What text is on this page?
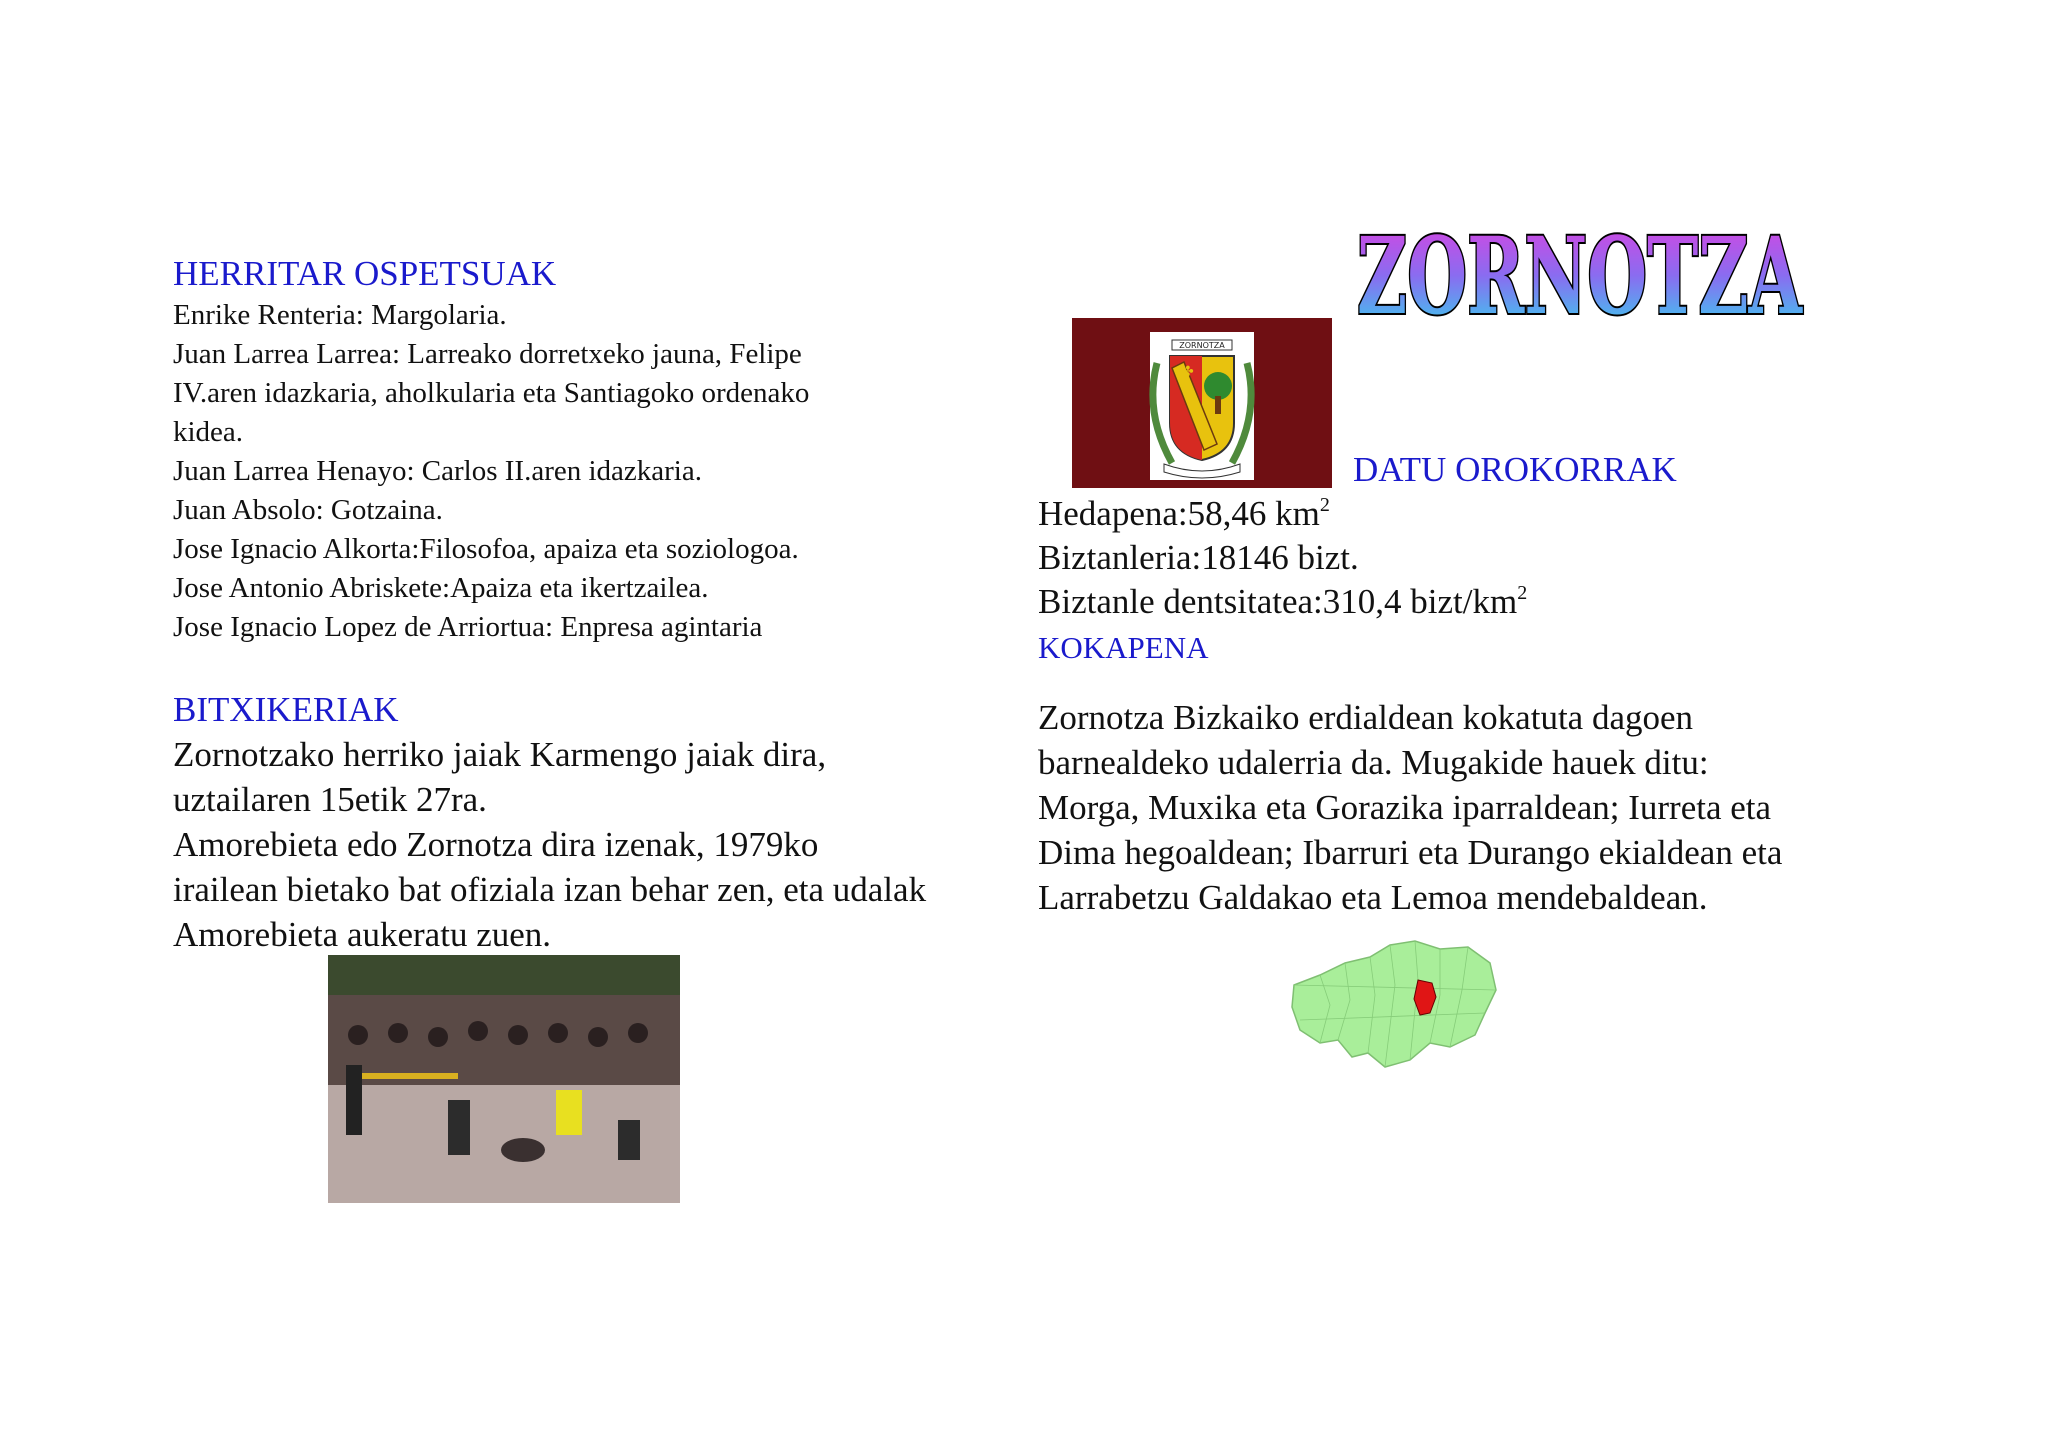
ZORNOTZA
✤
ZORNOTZA
HERRITAR OSPETSUAK

Enrike Renteria: Margolaria.

Juan Larrea Larrea: Larreako dorretxeko jauna, Felipe

IV.aren idazkaria, aholkularia eta Santiagoko ordenako

kidea.

Juan Larrea Henayo: Carlos II.aren idazkaria.

Juan Absolo: Gotzaina.

Jose Ignacio Alkorta:Filosofoa, apaiza eta soziologoa.

Jose Antonio Abriskete:Apaiza eta ikertzailea.

Jose Ignacio Lopez de Arriortua: Enpresa agintaria

BITXIKERIAK

Zornotzako herriko jaiak Karmengo jaiak dira,

uztailaren 15etik 27ra.

Amorebieta edo Zornotza dira izenak, 1979ko

irailean bietako bat ofiziala izan behar zen, eta udalak

Amorebieta aukeratu zuen.

DATU OROKORRAK

Hedapena:58,46 $km^2$

Biztanleria:18146 bizt.

Biztanle dentsitatea:310,4 bizt/$km^2$

KOKAPENA

Zornotza Bizkaiko erdialdean kokatuta dagoen

barnealdeko udalerria da. Mugakide hauek ditu:

Morga, Muxika eta Gorazika iparraldean; Iurreta eta

Dima hegoaldean; Ibarruri eta Durango ekialdean eta

Larrabetzu Galdakao eta Lemoa mendebaldean.
